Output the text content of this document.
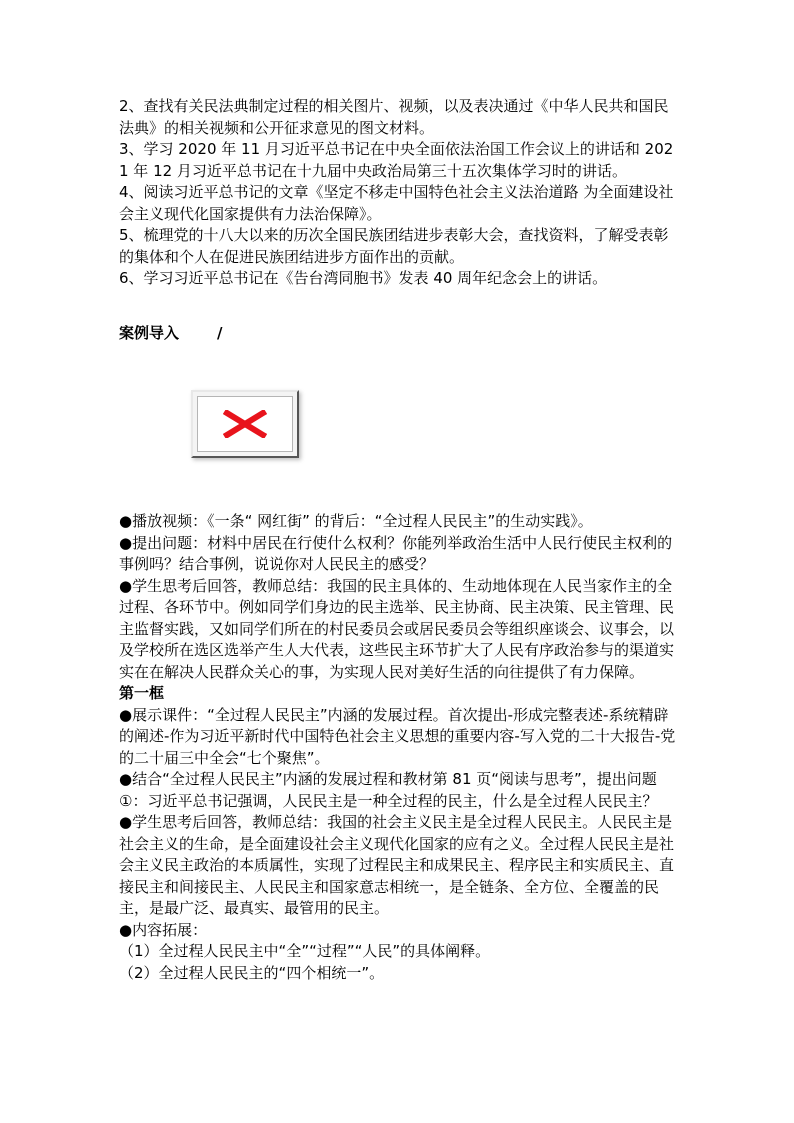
2、查找有关民法典制定过程的相关图片、视频，以及表决通过《中华人民共和国民法典》的相关视频和公开征求意见的图文材料。

3、学习 2020 年 11 月习近平总书记在中央全面依法治国工作会议上的讲话和 2021 年 12 月习近平总书记在十九届中央政治局第三十五次集体学习时的讲话。

4、阅读习近平总书记的文章《坚定不移走中国特色社会主义法治道路 为全面建设社会主义现代化国家提供有力法治保障》。

5、梳理党的十八大以来的历次全国民族团结进步表彰大会，查找资料，了解受表彰的集体和个人在促进民族团结进步方面作出的贡献。

6、学习习近平总书记在《告台湾同胞书》发表 40 周年纪念会上的讲话。

案例导入	/

●播放视频：《一条“ 网红街” 的背后：“全过程人民民主”的生动实践》。

●提出问题：材料中居民在行使什么权利？你能列举政治生活中人民行使民主权利的事例吗？结合事例，说说你对人民民主的感受？

●学生思考后回答，教师总结：我国的民主具体的、生动地体现在人民当家作主的全过程、各环节中。例如同学们身边的民主选举、民主协商、民主决策、民主管理、民主监督实践，又如同学们所在的村民委员会或居民委员会等组织座谈会、议事会，以及学校所在选区选举产生人大代表，这些民主环节扩大了人民有序政治参与的渠道实实在在解决人民群众关心的事，为实现人民对美好生活的向往提供了有力保障。

第一框

●展示课件：“全过程人民民主”内涵的发展过程。首次提出-形成完整表述-系统精辟的阐述-作为习近平新时代中国特色社会主义思想的重要内容-写入党的二十大报告-党的二十届三中全会“七个聚焦”。

●结合“全过程人民民主”内涵的发展过程和教材第 81 页“阅读与思考”，提出问题①：习近平总书记强调，人民民主是一种全过程的民主，什么是全过程人民民主？

●学生思考后回答，教师总结：我国的社会主义民主是全过程人民民主。人民民主是社会主义的生命，是全面建设社会主义现代化国家的应有之义。全过程人民民主是社会主义民主政治的本质属性，实现了过程民主和成果民主、程序民主和实质民主、直接民主和间接民主、人民民主和国家意志相统一，是全链条、全方位、全覆盖的民主，是最广泛、最真实、最管用的民主。

●内容拓展：

（1）全过程人民民主中“全”“过程”“人民”的具体阐释。

（2）全过程人民民主的“四个相统一”。
